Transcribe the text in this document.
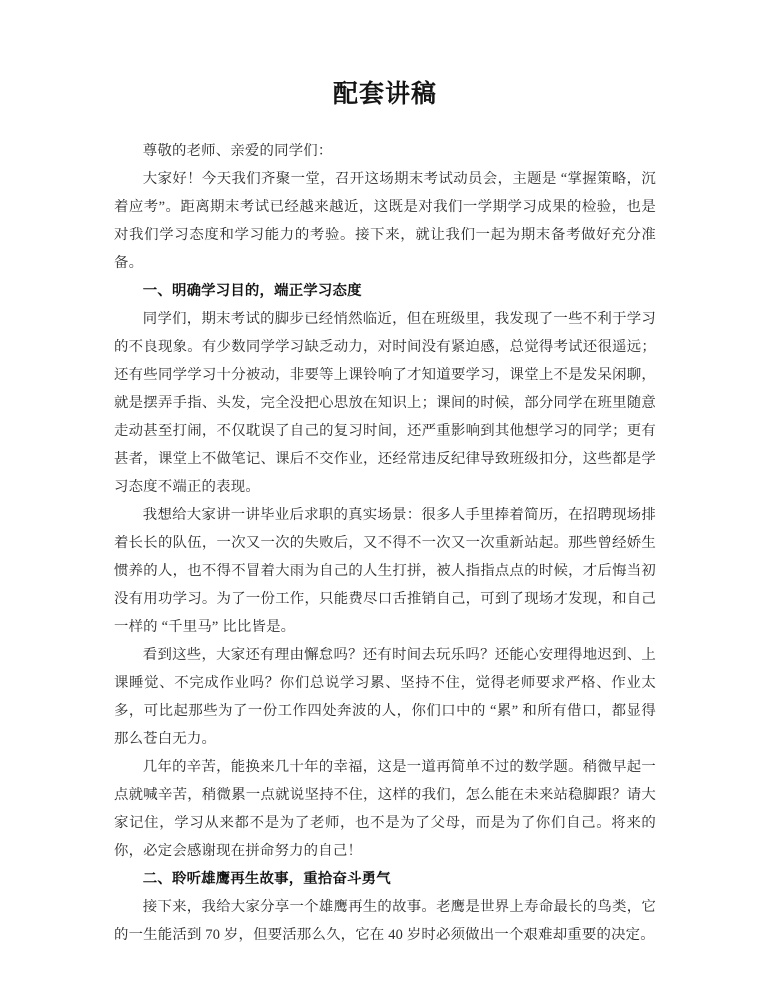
配套讲稿

尊敬的老师、亲爱的同学们：

大家好！今天我们齐聚一堂，召开这场期末考试动员会，主题是 “掌握策略，沉着应考”。距离期末考试已经越来越近，这既是对我们一学期学习成果的检验，也是对我们学习态度和学习能力的考验。接下来，就让我们一起为期末备考做好充分准备。

一、明确学习目的，端正学习态度

同学们，期末考试的脚步已经悄然临近，但在班级里，我发现了一些不利于学习的不良现象。有少数同学学习缺乏动力，对时间没有紧迫感，总觉得考试还很遥远；还有些同学学习十分被动，非要等上课铃响了才知道要学习，课堂上不是发呆闲聊，就是摆弄手指、头发，完全没把心思放在知识上；课间的时候，部分同学在班里随意走动甚至打闹，不仅耽误了自己的复习时间，还严重影响到其他想学习的同学；更有甚者，课堂上不做笔记、课后不交作业，还经常违反纪律导致班级扣分，这些都是学习态度不端正的表现。

我想给大家讲一讲毕业后求职的真实场景：很多人手里捧着简历，在招聘现场排着长长的队伍，一次又一次的失败后，又不得不一次又一次重新站起。那些曾经娇生惯养的人，也不得不冒着大雨为自己的人生打拼，被人指指点点的时候，才后悔当初没有用功学习。为了一份工作，只能费尽口舌推销自己，可到了现场才发现，和自己一样的 “千里马” 比比皆是。

看到这些，大家还有理由懈怠吗？还有时间去玩乐吗？还能心安理得地迟到、上课睡觉、不完成作业吗？你们总说学习累、坚持不住，觉得老师要求严格、作业太多，可比起那些为了一份工作四处奔波的人，你们口中的 “累” 和所有借口，都显得那么苍白无力。

几年的辛苦，能换来几十年的幸福，这是一道再简单不过的数学题。稍微早起一点就喊辛苦，稍微累一点就说坚持不住，这样的我们，怎么能在未来站稳脚跟？请大家记住，学习从来都不是为了老师，也不是为了父母，而是为了你们自己。将来的你，必定会感谢现在拼命努力的自己！

二、聆听雄鹰再生故事，重拾奋斗勇气

接下来，我给大家分享一个雄鹰再生的故事。老鹰是世界上寿命最长的鸟类，它的一生能活到 70 岁，但要活那么久，它在 40 岁时必须做出一个艰难却重要的决定。
